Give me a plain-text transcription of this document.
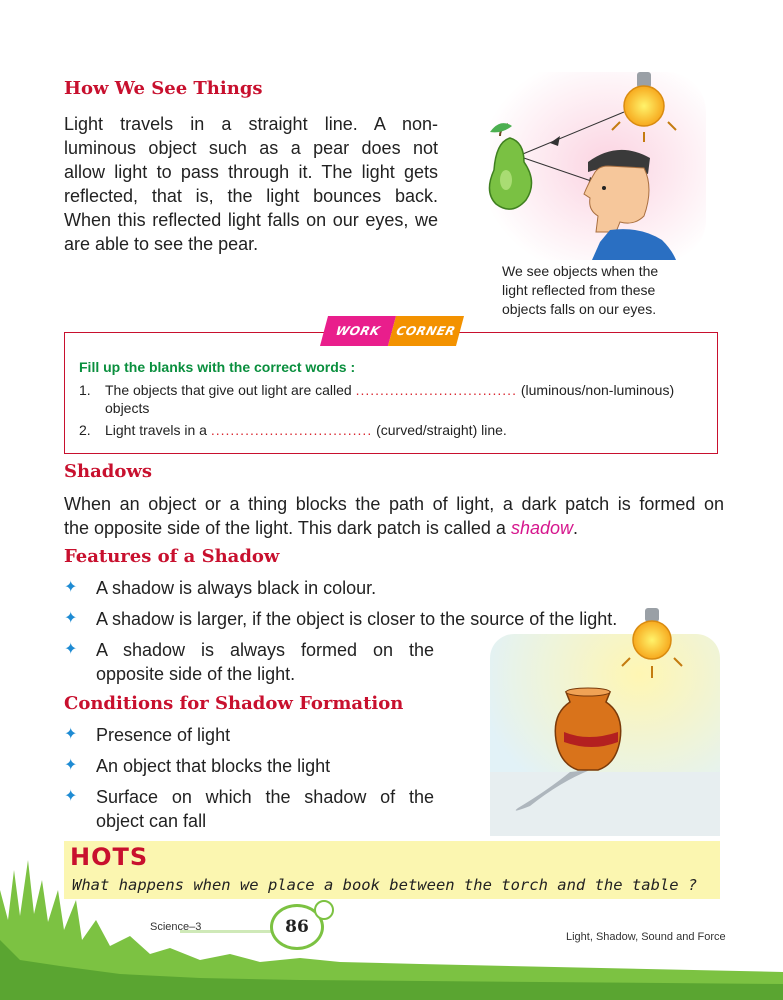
How We See Things
Light travels in a straight line. A non-
luminous object such as a pear does not
allow light to pass through it. The light gets
reflected, that is, the light bounces back.
When this reflected light falls on our eyes, we
are able to see the pear.
We see objects when the
light reflected from these
objects falls on our eyes.

Fill up the blanks with the correct words :

1.	The objects that give out light are called ................................. (luminous/non-luminous)
objects
2.	Light travels in a ................................. (curved/straight) line.
WORK	CORNER
Shadows
When an object or a thing blocks the path of light, a dark patch is formed on
the opposite side of the light. This dark patch is called a shadow.
Features of a Shadow
✦	A shadow is always black in colour.
✦	A shadow is larger, if the object is closer to the source of the light.
✦	A shadow is always formed on the
opposite side of the light.
Conditions for Shadow Formation
✦	Presence of light
✦	An object that blocks the light
✦	Surface on which the shadow of the
object can fall
HOTS
What happens when we place a book between the torch and the table ?
Science–3	86	Light, Shadow, Sound and Force
